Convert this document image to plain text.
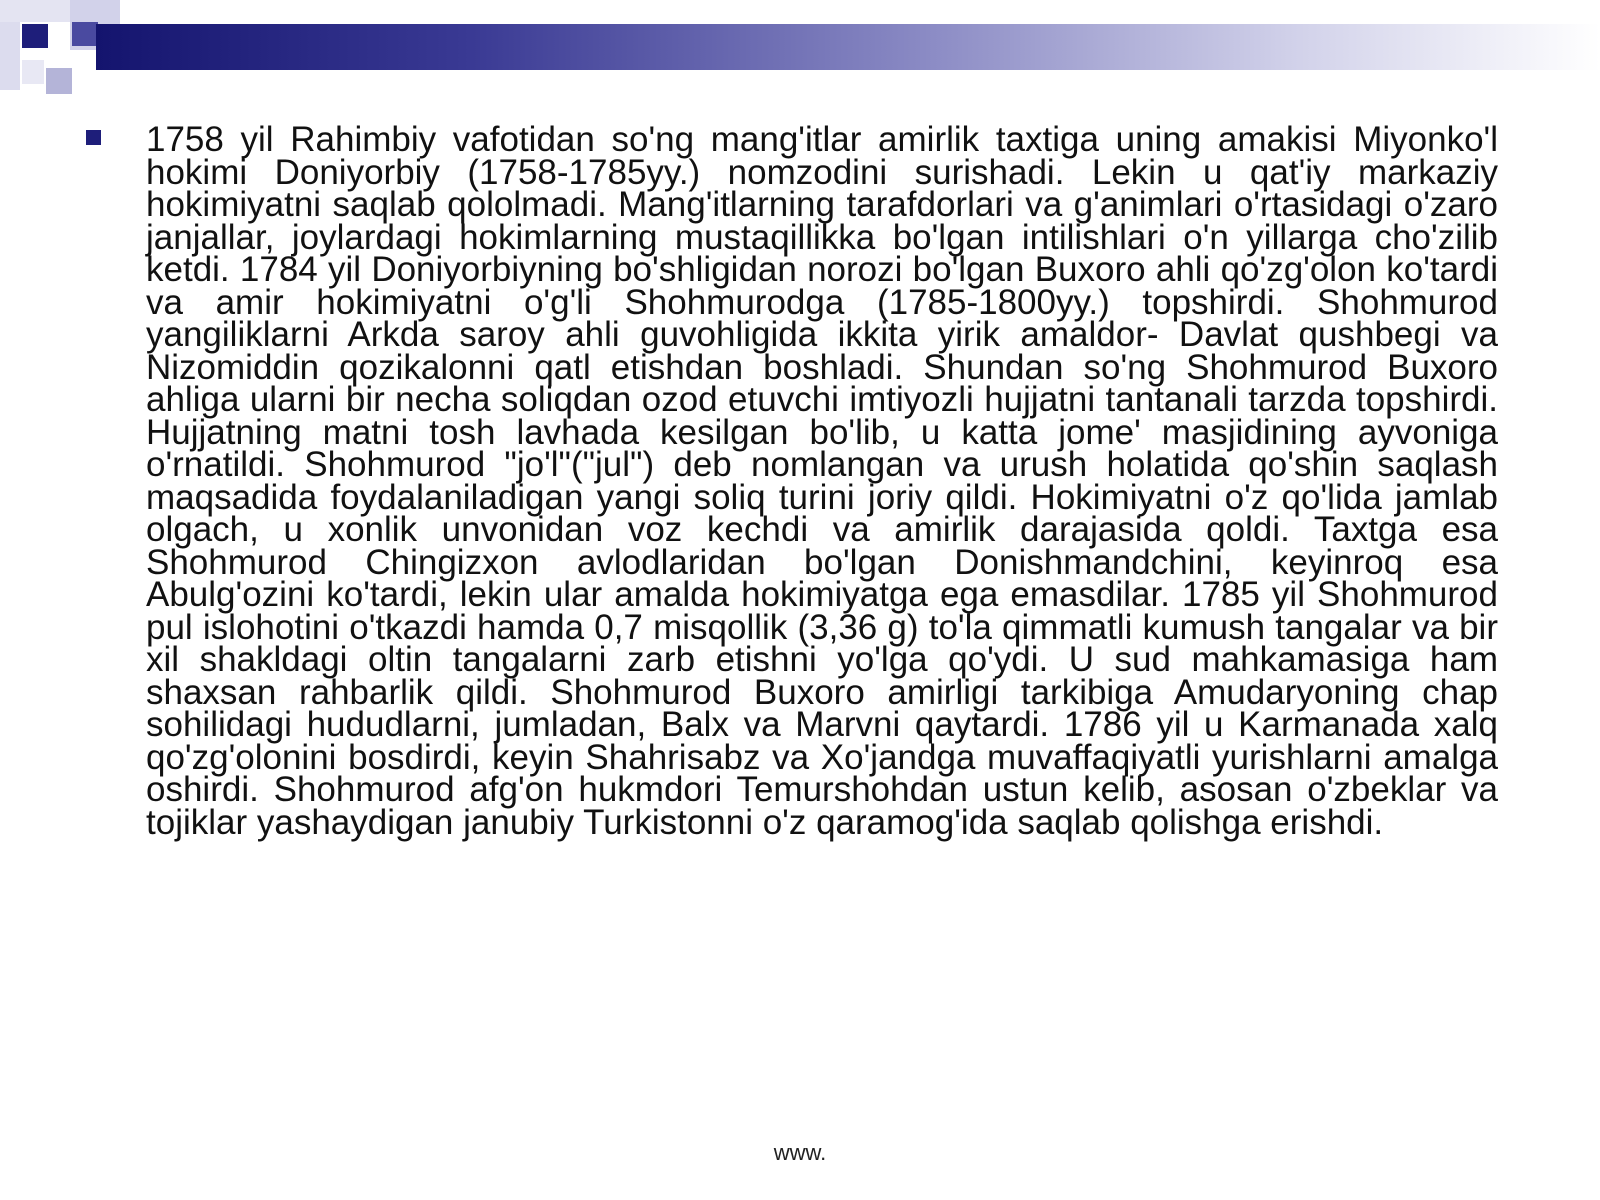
1758 yil Rahimbiy vafotidan so'ng mang'itlar amirlik taxtiga uning amakisi Miyonko'l hokimi Doniyorbiy (1758-1785yy.) nomzodini surishadi. Lekin u qat'iy markaziy hokimiyatni saqlab qololmadi. Mang'itlarning tarafdorlari va g'animlari o'rtasidagi o'zaro janjallar, joylardagi hokimlarning mustaqillikka bo'lgan intilishlari o'n yillarga cho'zilib ketdi. 1784 yil Doniyorbiyning bo'shligidan norozi bo'lgan Buxoro ahli qo'zg'olon ko'tardi va amir hokimiyatni o'g'li Shohmurodga (1785-1800yy.) topshirdi. Shohmurod yangiliklarni Arkda saroy ahli guvohligida ikkita yirik amaldor- Davlat qushbegi va Nizomiddin qozikalonni qatl etishdan boshladi. Shundan so'ng Shohmurod Buxoro ahliga ularni bir necha soliqdan ozod etuvchi imtiyozli hujjatni tantanali tarzda topshirdi. Hujjatning matni tosh lavhada kesilgan bo'lib, u katta jome' masjidining ayvoniga o'rnatildi. Shohmurod "jo'l"("jul") deb nomlangan va urush holatida qo'shin saqlash maqsadida foydalaniladigan yangi soliq turini joriy qildi. Hokimiyatni o'z qo'lida jamlab olgach, u xonlik unvonidan voz kechdi va amirlik darajasida qoldi. Taxtga esa Shohmurod Chingizxon avlodlaridan bo'lgan Donishmandchini, keyinroq esa Abulg'ozini ko'tardi, lekin ular amalda hokimiyatga ega emasdilar. 1785 yil Shohmurod pul islohotini o'tkazdi hamda 0,7 misqollik (3,36 g) to'la qimmatli kumush tangalar va bir xil shakldagi oltin tangalarni zarb etishni yo'lga qo'ydi. U sud mahkamasiga ham shaxsan rahbarlik qildi. Shohmurod Buxoro amirligi tarkibiga Amudaryoning chap sohilidagi hududlarni, jumladan, Balx va Marvni qaytardi. 1786 yil u Karmanada xalq qo'zg'olonini bosdirdi, keyin Shahrisabz va Xo'jandga muvaffaqiyatli yurishlarni amalga oshirdi. Shohmurod afg'on hukmdori Temurshohdan ustun kelib, asosan o'zbeklar va tojiklar yashaydigan janubiy Turkistonni o'z qaramog'ida saqlab qolishga erishdi.

www.
